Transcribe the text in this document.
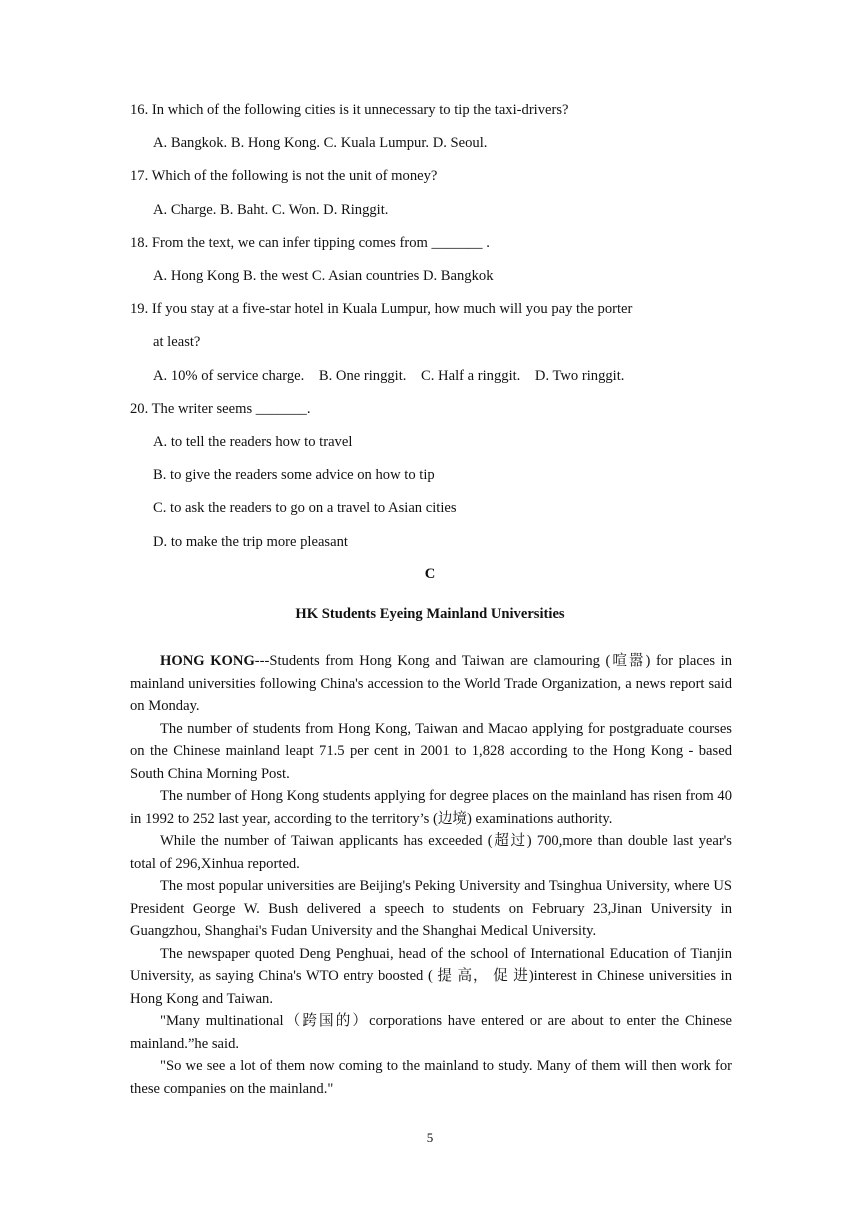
16. In which of the following cities is it unnecessary to tip the taxi-drivers?
A. Bangkok. B. Hong Kong. C. Kuala Lumpur. D. Seoul.
17. Which of the following is not the unit of money?
A. Charge. B. Baht. C. Won. D. Ringgit.
18. From the text, we can infer tipping comes from _______ .
A. Hong Kong B. the west C. Asian countries D. Bangkok
19. If you stay at a five-star hotel in Kuala Lumpur, how much will you pay the porter
at least?
A. 10% of service charge.    B. One ringgit.    C. Half a ringgit.    D. Two ringgit.
20. The writer seems _______.
A. to tell the readers how to travel
B. to give the readers some advice on how to tip
C. to ask the readers to go on a travel to Asian cities
D. to make the trip more pleasant
C
HK Students Eyeing Mainland Universities

HONG KONG---Students from Hong Kong and Taiwan are clamouring (喧嚣) for places in mainland universities following China's accession to the World Trade Organization, a news report said on Monday.

The number of students from Hong Kong, Taiwan and Macao applying for postgraduate courses on the Chinese mainland leapt 71.5 per cent in 2001 to 1,828 according to the Hong Kong - based South China Morning Post.

The number of Hong Kong students applying for degree places on the mainland has risen from 40 in 1992 to 252 last year, according to the territory’s (边境) examinations authority.

While the number of Taiwan applicants has exceeded (超过) 700,more than double last year's total of 296,Xinhua reported.

The most popular universities are Beijing's Peking University and Tsinghua University, where US President George W. Bush delivered a speech to students on February 23,Jinan University in Guangzhou, Shanghai's Fudan University and the Shanghai Medical University.

The newspaper quoted Deng Penghuai, head of the school of International Education of Tianjin University, as saying China's WTO entry boosted ( 提 高， 促 进)interest in Chinese universities in Hong Kong and Taiwan.

"Many multinational（跨国的）corporations have entered or are about to enter the Chinese mainland.”he said.

"So we see a lot of them now coming to the mainland to study. Many of them will then work for these companies on the mainland."

5
